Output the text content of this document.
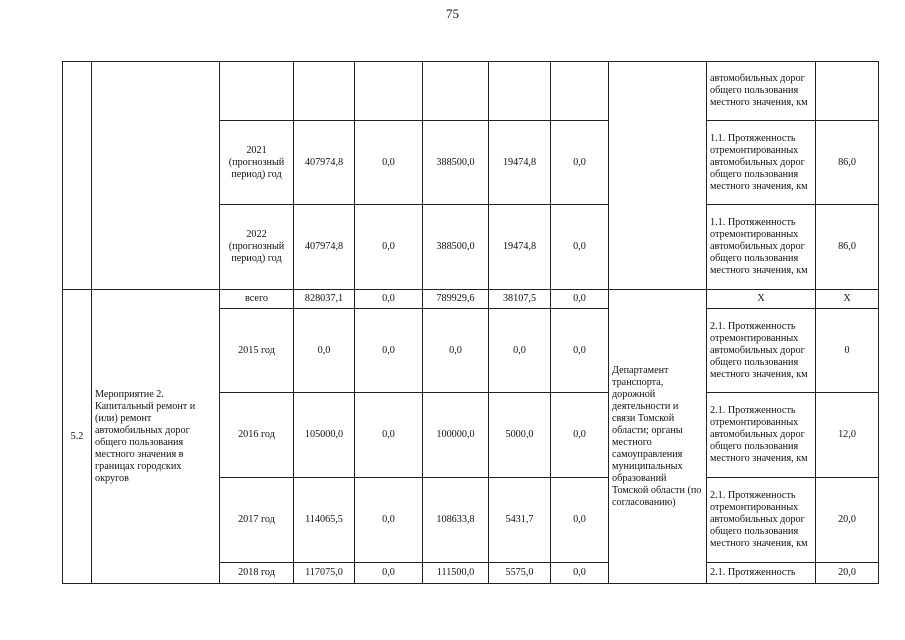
75
									автомобильных дорог общего пользования местного значения, км	
		2021 (прогнозный период) год	407974,8	0,0	388500,0	19474,8	0,0		1.1. Протяженность отремонтированных автомобильных дорог общего пользования местного значения, км	86,0
		2022 (прогнозный период) год	407974,8	0,0	388500,0	19474,8	0,0		1.1. Протяженность отремонтированных автомобильных дорог общего пользования местного значения, км	86,0
5.2	Мероприятие 2. Капитальный ремонт и (или) ремонт автомобильных дорог общего пользования местного значения в границах городских округов	всего	828037,1	0,0	789929,6	38107,5	0,0	Департамент транспорта, дорожной деятельности и связи Томской области; органы местного самоуправления муниципальных образований Томской области (по согласованию)	Х	Х
		2015 год	0,0	0,0	0,0	0,0	0,0		2.1. Протяженность отремонтированных автомобильных дорог общего пользования местного значения, км	0
		2016 год	105000,0	0,0	100000,0	5000,0	0,0		2.1. Протяженность отремонтированных автомобильных дорог общего пользования местного значения, км	12,0
		2017 год	114065,5	0,0	108633,8	5431,7	0,0		2.1. Протяженность отремонтированных автомобильных дорог общего пользования местного значения, км	20,0
		2018 год	117075,0	0,0	111500,0	5575,0	0,0		2.1. Протяженность	20,0
